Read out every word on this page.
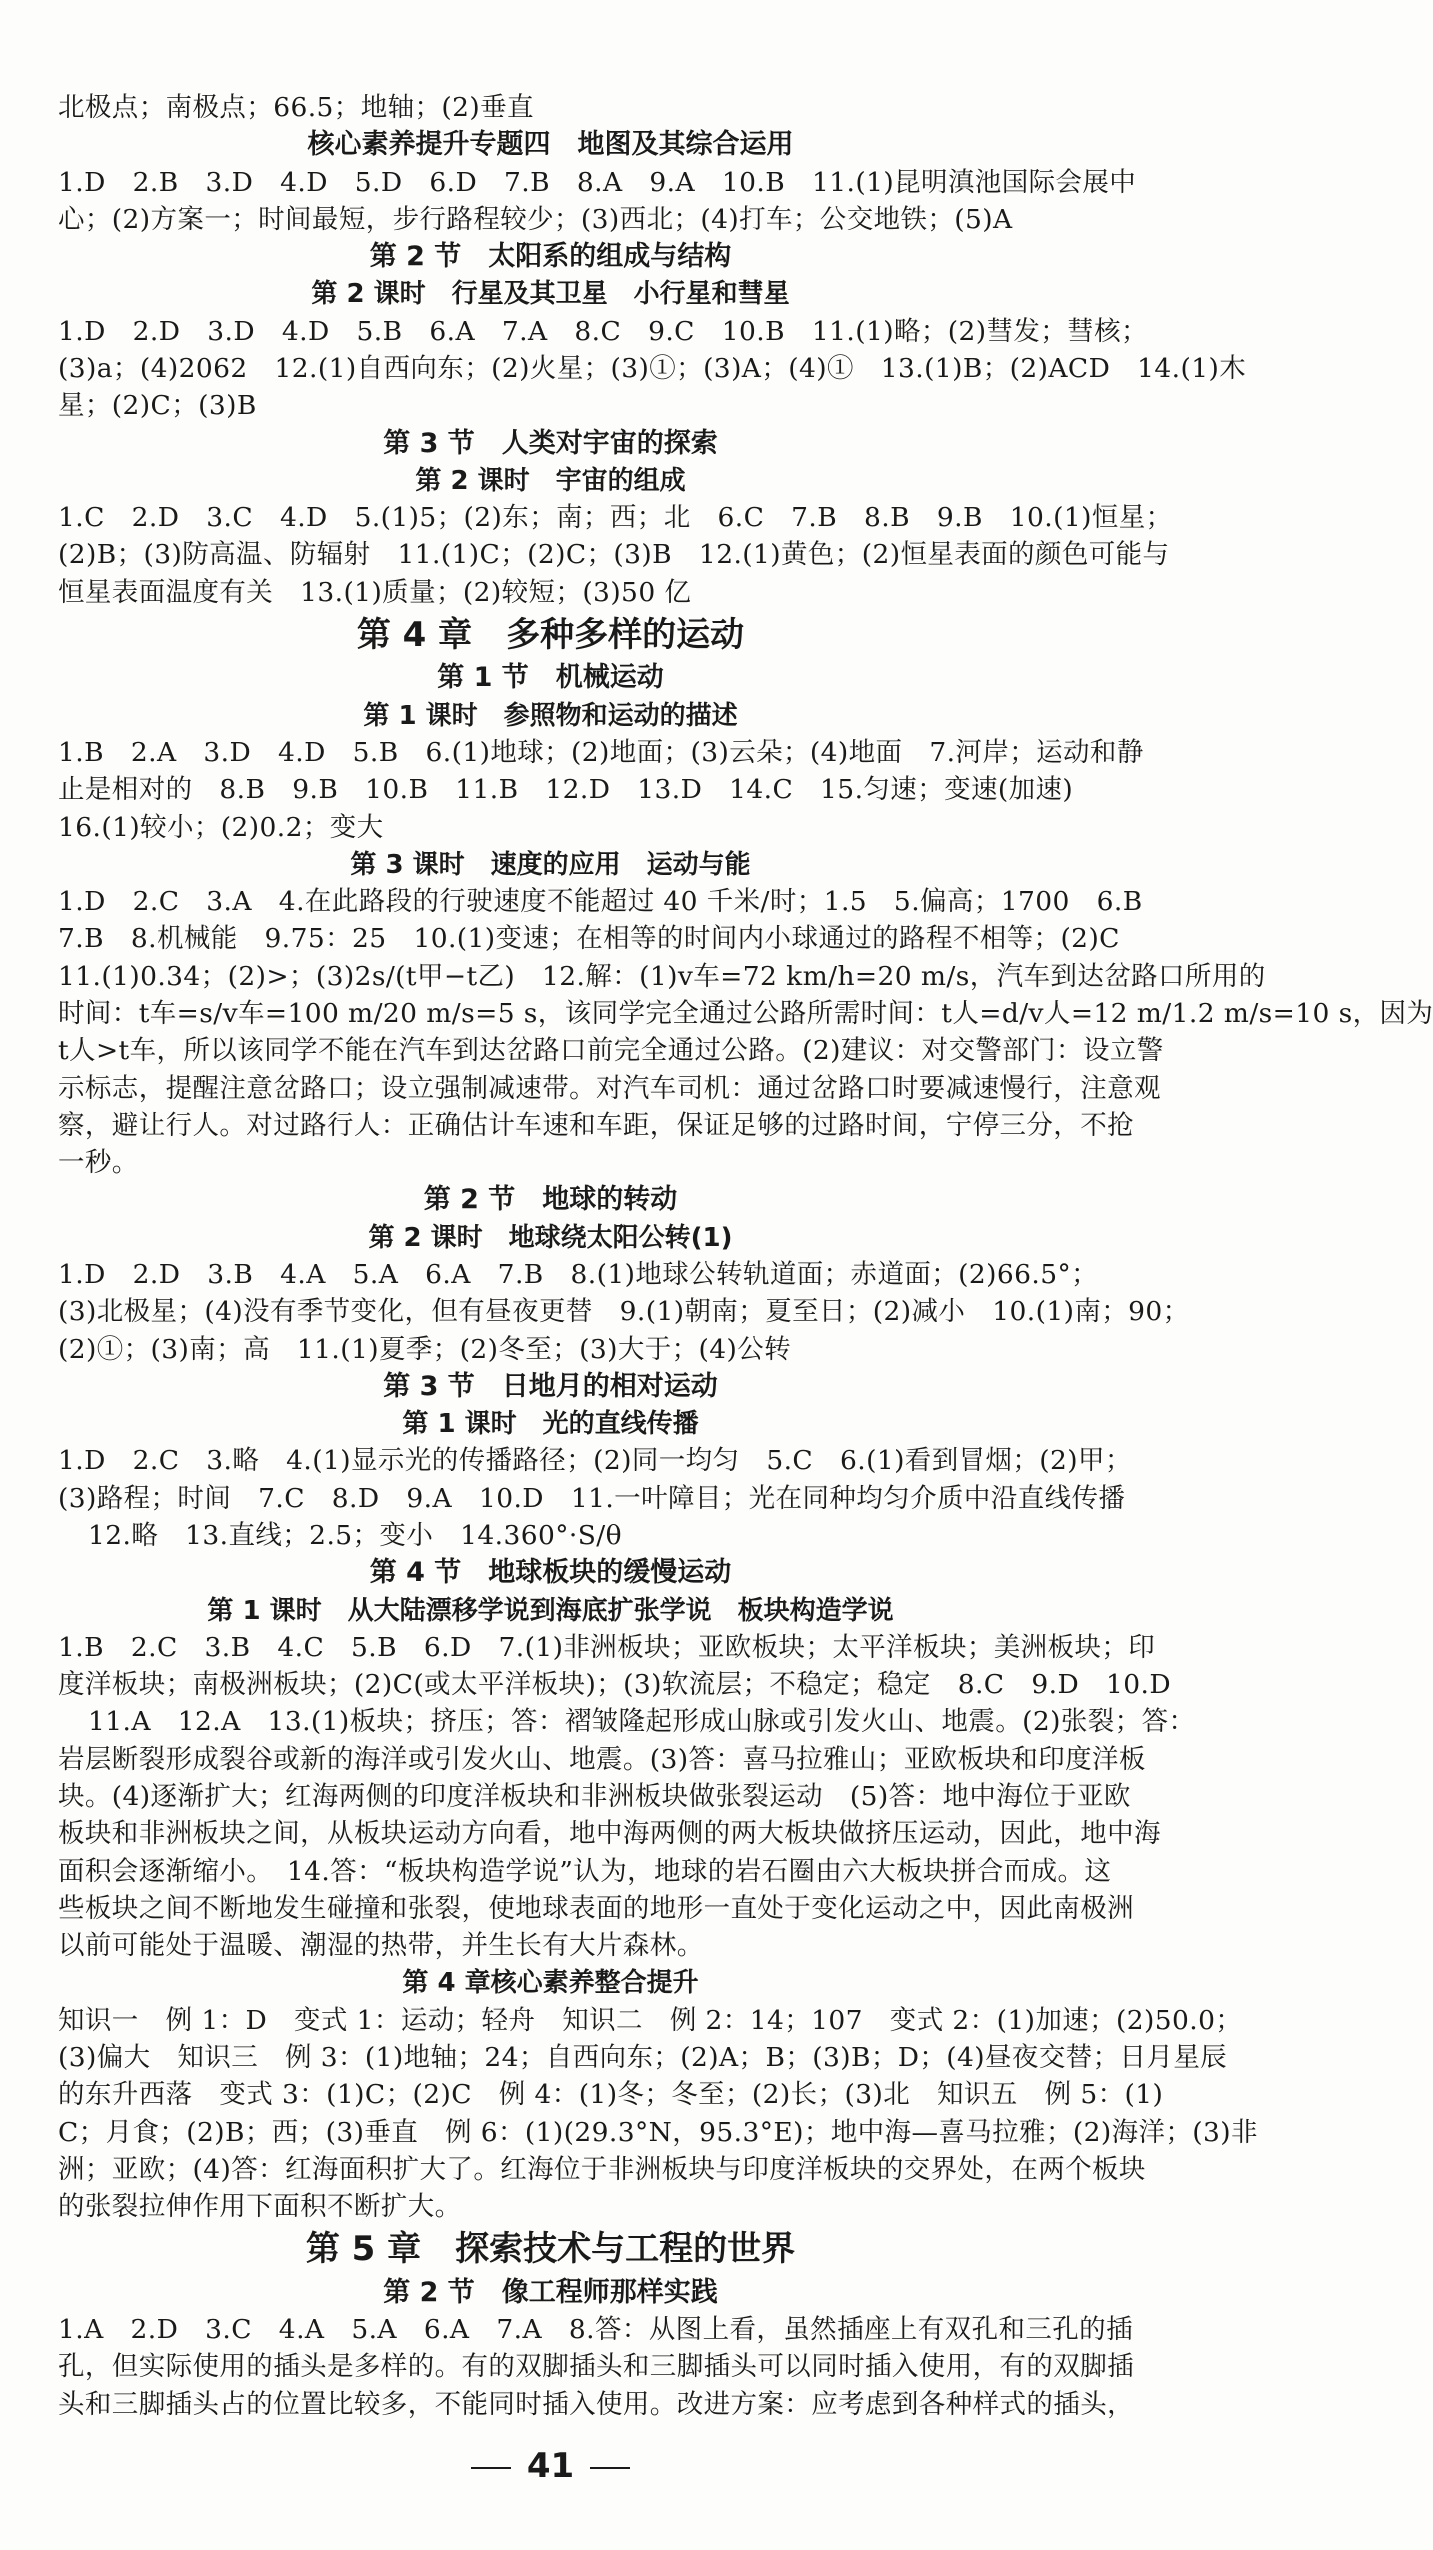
北极点；南极点；66.5；地轴；(2)垂直
核心素养提升专题四　地图及其综合运用
1.D　2.B　3.D　4.D　5.D　6.D　7.B　8.A　9.A　10.B　11.(1)昆明滇池国际会展中
心；(2)方案一；时间最短，步行路程较少；(3)西北；(4)打车；公交地铁；(5)A
第 2 节　太阳系的组成与结构
第 2 课时　行星及其卫星　小行星和彗星
1.D　2.D　3.D　4.D　5.B　6.A　7.A　8.C　9.C　10.B　11.(1)略；(2)彗发；彗核；
(3)a；(4)2062　12.(1)自西向东；(2)火星；(3)①；(3)A；(4)①　13.(1)B；(2)ACD　14.(1)木
星；(2)C；(3)B
第 3 节　人类对宇宙的探索
第 2 课时　宇宙的组成
1.C　2.D　3.C　4.D　5.(1)5；(2)东；南；西；北　6.C　7.B　8.B　9.B　10.(1)恒星；
(2)B；(3)防高温、防辐射　11.(1)C；(2)C；(3)B　12.(1)黄色；(2)恒星表面的颜色可能与
恒星表面温度有关　13.(1)质量；(2)较短；(3)50 亿
第 4 章　多种多样的运动
第 1 节　机械运动
第 1 课时　参照物和运动的描述
1.B　2.A　3.D　4.D　5.B　6.(1)地球；(2)地面；(3)云朵；(4)地面　7.河岸；运动和静
止是相对的　8.B　9.B　10.B　11.B　12.D　13.D　14.C　15.匀速；变速(加速)
16.(1)较小；(2)0.2；变大
第 3 课时　速度的应用　运动与能
1.D　2.C　3.A　4.在此路段的行驶速度不能超过 40 千米/时；1.5　5.偏高；1700　6.B
7.B　8.机械能　9.75：25　10.(1)变速；在相等的时间内小球通过的路程不相等；(2)C
11.(1)0.34；(2)>；(3)2s/(t甲−t乙)　12.解：(1)v车=72 km/h=20 m/s，汽车到达岔路口所用的
时间：t车=s/v车=100 m/20 m/s=5 s，该同学完全通过公路所需时间：t人=d/v人=12 m/1.2 m/s=10 s，因为
t人>t车，所以该同学不能在汽车到达岔路口前完全通过公路。(2)建议：对交警部门：设立警
示标志，提醒注意岔路口；设立强制减速带。对汽车司机：通过岔路口时要减速慢行，注意观
察，避让行人。对过路行人：正确估计车速和车距，保证足够的过路时间，宁停三分，不抢
一秒。
第 2 节　地球的转动
第 2 课时　地球绕太阳公转(1)
1.D　2.D　3.B　4.A　5.A　6.A　7.B　8.(1)地球公转轨道面；赤道面；(2)66.5°；
(3)北极星；(4)没有季节变化，但有昼夜更替　9.(1)朝南；夏至日；(2)减小　10.(1)南；90；
(2)①；(3)南；高　11.(1)夏季；(2)冬至；(3)大于；(4)公转
第 3 节　日地月的相对运动
第 1 课时　光的直线传播
1.D　2.C　3.略　4.(1)显示光的传播路径；(2)同一均匀　5.C　6.(1)看到冒烟；(2)甲；
(3)路程；时间　7.C　8.D　9.A　10.D　11.一叶障目；光在同种均匀介质中沿直线传播
12.略　13.直线；2.5；变小　14.360°·S/θ
第 4 节　地球板块的缓慢运动
第 1 课时　从大陆漂移学说到海底扩张学说　板块构造学说
1.B　2.C　3.B　4.C　5.B　6.D　7.(1)非洲板块；亚欧板块；太平洋板块；美洲板块；印
度洋板块；南极洲板块；(2)C(或太平洋板块)；(3)软流层；不稳定；稳定　8.C　9.D　10.D
11.A　12.A　13.(1)板块；挤压；答：褶皱隆起形成山脉或引发火山、地震。(2)张裂；答：
岩层断裂形成裂谷或新的海洋或引发火山、地震。(3)答：喜马拉雅山；亚欧板块和印度洋板
块。(4)逐渐扩大；红海两侧的印度洋板块和非洲板块做张裂运动　(5)答：地中海位于亚欧
板块和非洲板块之间，从板块运动方向看，地中海两侧的两大板块做挤压运动，因此，地中海
面积会逐渐缩小。　14.答：“板块构造学说”认为，地球的岩石圈由六大板块拼合而成。这
些板块之间不断地发生碰撞和张裂，使地球表面的地形一直处于变化运动之中，因此南极洲
以前可能处于温暖、潮湿的热带，并生长有大片森林。
第 4 章核心素养整合提升
知识一　例 1：D　变式 1：运动；轻舟　知识二　例 2：14；107　变式 2：(1)加速；(2)50.0；
(3)偏大　知识三　例 3：(1)地轴；24；自西向东；(2)A；B；(3)B；D；(4)昼夜交替；日月星辰
的东升西落　变式 3：(1)C；(2)C　例 4：(1)冬；冬至；(2)长；(3)北　知识五　例 5：(1)
C；月食；(2)B；西；(3)垂直　例 6：(1)(29.3°N，95.3°E)；地中海—喜马拉雅；(2)海洋；(3)非
洲；亚欧；(4)答：红海面积扩大了。红海位于非洲板块与印度洋板块的交界处，在两个板块
的张裂拉伸作用下面积不断扩大。
第 5 章　探索技术与工程的世界
第 2 节　像工程师那样实践
1.A　2.D　3.C　4.A　5.A　6.A　7.A　8.答：从图上看，虽然插座上有双孔和三孔的插
孔，但实际使用的插头是多样的。有的双脚插头和三脚插头可以同时插入使用，有的双脚插
头和三脚插头占的位置比较多，不能同时插入使用。改进方案：应考虑到各种样式的插头，
41
